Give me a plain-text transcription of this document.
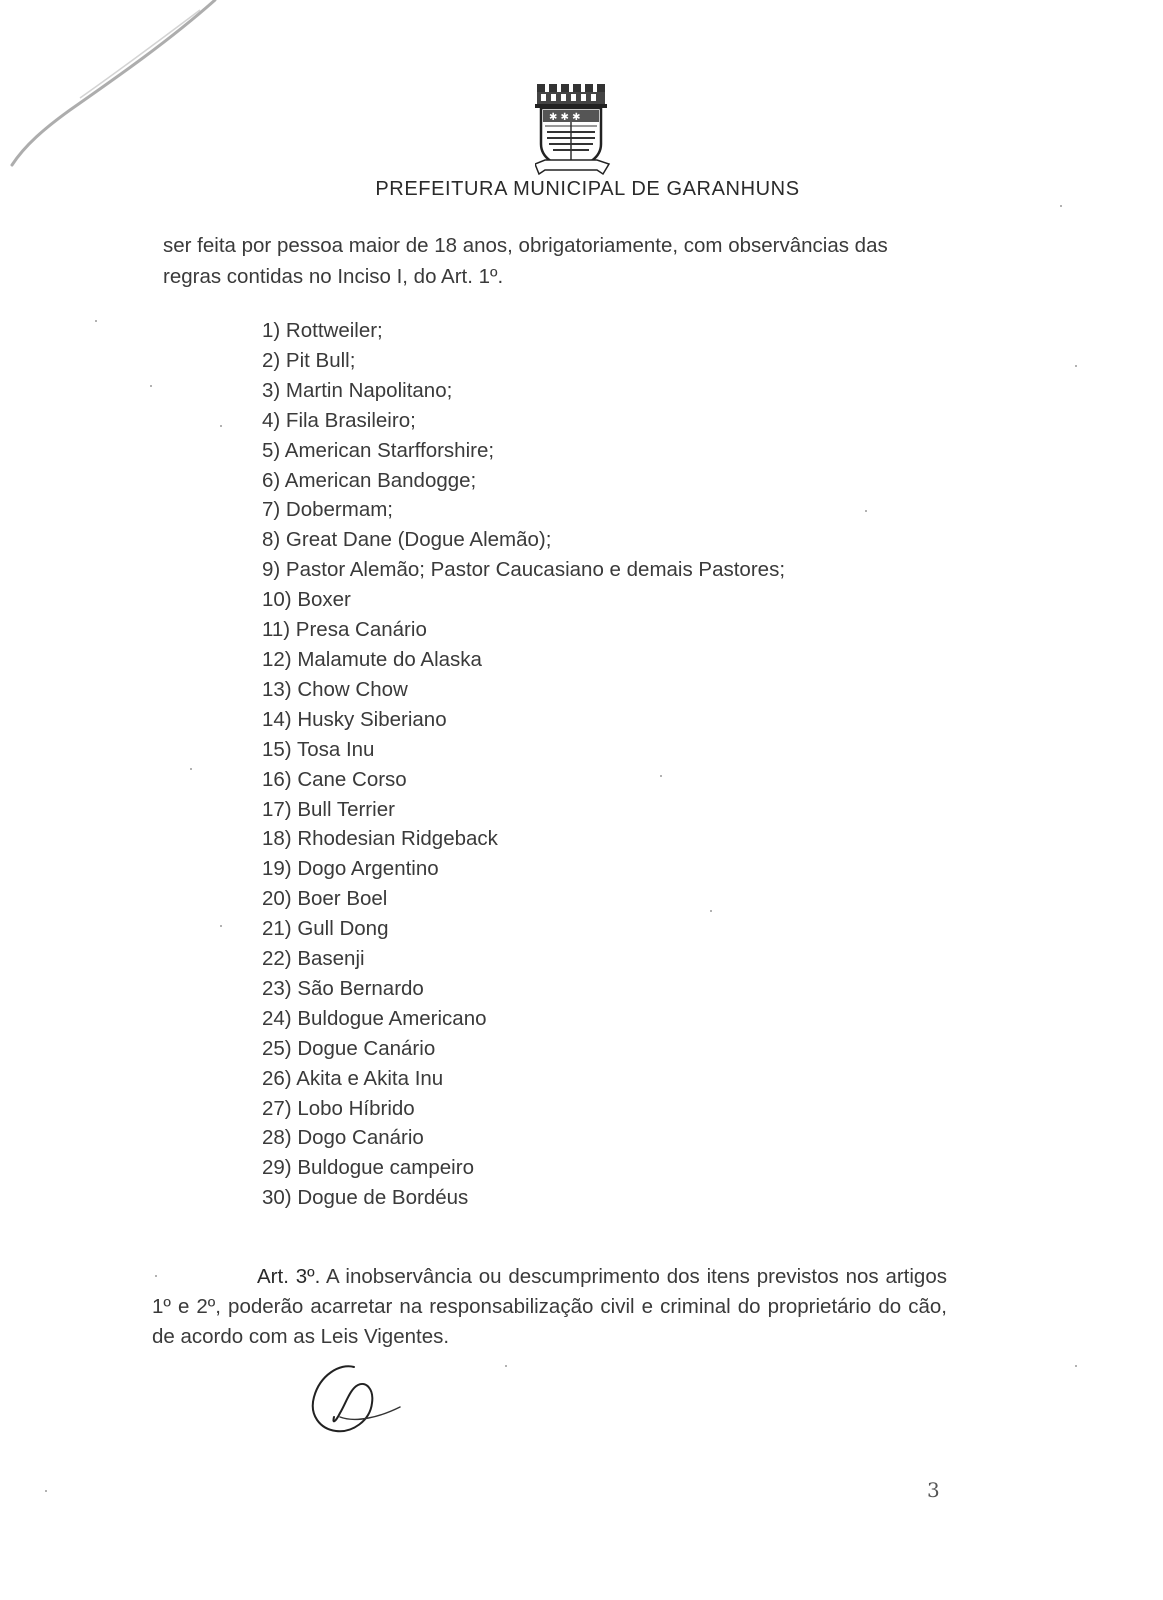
✱ ✱ ✱
PREFEITURA MUNICIPAL DE GARANHUNS

ser feita por pessoa maior de 18 anos, obrigatoriamente, com observâncias das

regras contidas no Inciso I, do Art. 1º.

1) Rottweiler;
2) Pit Bull;
3) Martin Napolitano;
4) Fila Brasileiro;
5) American Starfforshire;
6) American Bandogge;
7) Dobermam;
8) Great Dane (Dogue Alemão);
9) Pastor Alemão; Pastor Caucasiano e demais Pastores;
10) Boxer
11) Presa Canário
12) Malamute do Alaska
13) Chow Chow
14) Husky Siberiano
15) Tosa Inu
16) Cane Corso
17) Bull Terrier
18) Rhodesian Ridgeback
19) Dogo Argentino
20) Boer Boel
21) Gull Dong
22) Basenji
23) São Bernardo
24) Buldogue Americano
25) Dogue Canário
26) Akita e Akita Inu
27) Lobo Híbrido
28) Dogo Canário
29) Buldogue campeiro
30) Dogue de Bordéus
Art. 3º. A inobservância ou descumprimento dos itens previstos nos artigos 1º e 2º, poderão acarretar na responsabilização civil e criminal do proprietário do cão, de acordo com as Leis Vigentes.
3
